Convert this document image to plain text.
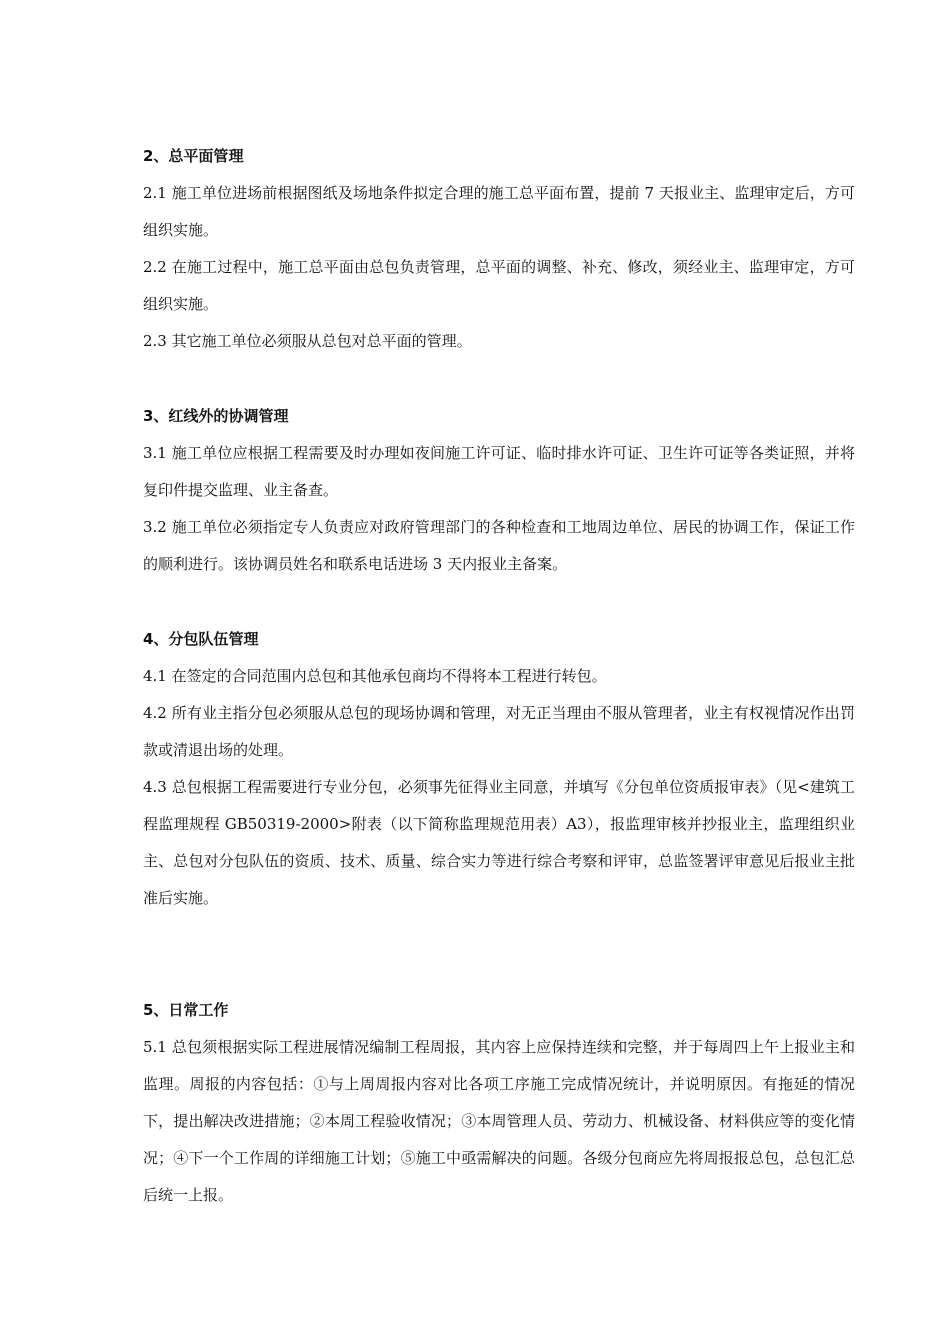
2、总平面管理

2.1 施工单位进场前根据图纸及场地条件拟定合理的施工总平面布置，提前 7 天报业主、监理审定后，方可组织实施。

2.2 在施工过程中，施工总平面由总包负责管理，总平面的调整、补充、修改，须经业主、监理审定，方可组织实施。

2.3 其它施工单位必须服从总包对总平面的管理。

3、红线外的协调管理

3.1 施工单位应根据工程需要及时办理如夜间施工许可证、临时排水许可证、卫生许可证等各类证照，并将复印件提交监理、业主备查。

3.2 施工单位必须指定专人负责应对政府管理部门的各种检查和工地周边单位、居民的协调工作，保证工作的顺利进行。该协调员姓名和联系电话进场 3 天内报业主备案。

4、分包队伍管理

4.1 在签定的合同范围内总包和其他承包商均不得将本工程进行转包。

4.2 所有业主指分包必须服从总包的现场协调和管理，对无正当理由不服从管理者，业主有权视情况作出罚款或清退出场的处理。

4.3 总包根据工程需要进行专业分包，必须事先征得业主同意，并填写《分包单位资质报审表》（见<建筑工程监理规程 GB50319-2000>附表（以下简称监理规范用表）A3），报监理审核并抄报业主，监理组织业主、总包对分包队伍的资质、技术、质量、综合实力等进行综合考察和评审，总监签署评审意见后报业主批准后实施。

5、日常工作

5.1 总包须根据实际工程进展情况编制工程周报，其内容上应保持连续和完整，并于每周四上午上报业主和监理。周报的内容包括：①与上周周报内容对比各项工序施工完成情况统计，并说明原因。有拖延的情况下，提出解决改进措施；②本周工程验收情况；③本周管理人员、劳动力、机械设备、材料供应等的变化情况；④下一个工作周的详细施工计划；⑤施工中亟需解决的问题。各级分包商应先将周报报总包，总包汇总后统一上报。
